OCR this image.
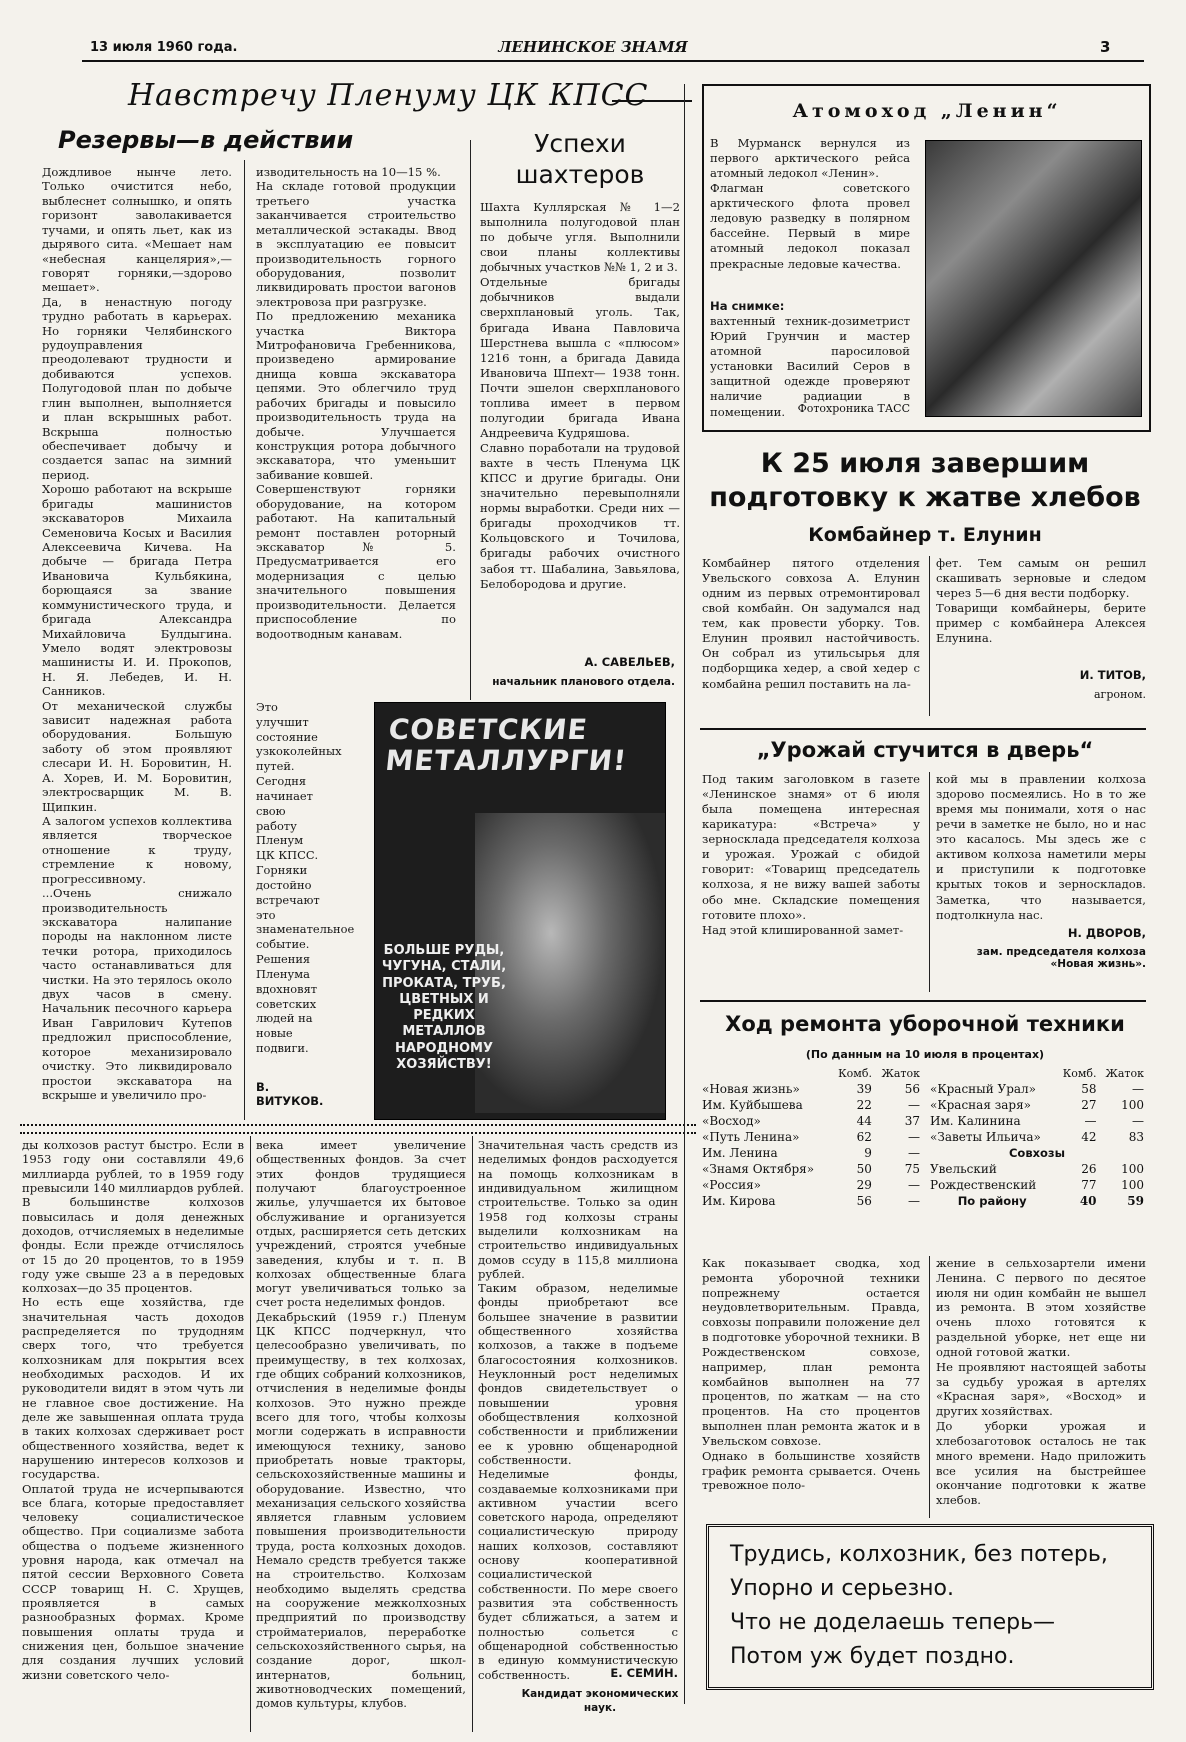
13 июля 1960 года.	ЛЕНИНСКОЕ ЗНАМЯ	3
Навстречу Пленуму ЦК КПСС
Резервы—в действии
Дождливое нынче лето. Только очистится небо, выблеснет солнышко, и опять горизонт заволакивается тучами, и опять льет, как из дырявого сита. «Мешает нам «небесная канцелярия»,—говорят горняки,—здорово мешает».
Да, в ненастную погоду трудно работать в карьерах. Но горняки Челябинского рудоуправления преодолевают трудности и добиваются успехов. Полугодовой план по добыче глин выполнен, выполняется и план вскрышных работ. Вскрыша полностью обеспечивает добычу и создается запас на зимний период.
Хорошо работают на вскрыше бригады машинистов экскаваторов Михаила Семеновича Косых и Василия Алексеевича Кичева. На добыче — бригада Петра Ивановича Кульбякина, борющаяся за звание коммунистического труда, и бригада Александра Михайловича Булдыгина. Умело водят электровозы машинисты И. И. Прокопов, Н. Я. Лебедев, И. Н. Санников.
От механической службы зависит надежная работа оборудования. Большую заботу об этом проявляют слесари И. Н. Боровитин, Н. А. Хорев, И. М. Боровитин, электросварщик М. В. Щипкин.
А залогом успехов коллектива является творческое отношение к труду, стремление к новому, прогрессивному.
...Очень снижало производительность экскаватора налипание породы на наклонном листе течки ротора, приходилось часто останавливаться для чистки. На это терялось около двух часов в смену. Начальник песочного карьера Иван Гаврилович Кутепов предложил приспособление, которое механизировало очистку. Это ликвидировало простои экскаватора на вскрыше и увеличило про-
изводительность на 10—15 %.
На складе готовой продукции третьего участка заканчивается строительство металлической эстакады. Ввод в эксплуатацию ее повысит производительность горного оборудования, позволит ликвидировать простои вагонов электровоза при разгрузке.
По предложению механика участка Виктора Митрофановича Гребенникова, произведено армирование днища ковша экскаватора цепями. Это облегчило труд рабочих бригады и повысило производительность труда на добыче. Улучшается конструкция ротора добычного экскаватора, что уменьшит забивание ковшей.
Совершенствуют горняки оборудование, на котором работают. На капитальный ремонт поставлен роторный экскаватор № 5. Предусматривается его модернизация с целью значительного повышения производительности. Делается приспособление по водоотводным канавам.
Это улучшит состояние узкоколейных путей.
Сегодня начинает свою работу Пленум ЦК КПСС. Горняки достойно встречают это знаменательное событие. Решения Пленума вдохновят советских людей на новые подвиги.
В. ВИТУКОВ.
Успехи шахтеров
Шахта Куллярская № 1—2 выполнила полугодовой план по добыче угля. Выполнили свои планы коллективы добычных участков №№ 1, 2 и 3.
Отдельные бригады добычников выдали сверхплановый уголь. Так, бригада Ивана Павловича Шерстнева вышла с «плюсом» 1216 тонн, а бригада Давида Ивановича Шпехт— 1938 тонн. Почти эшелон сверхпланового топлива имеет в первом полугодии бригада Ивана Андреевича Кудряшова.
Славно поработали на трудовой вахте в честь Пленума ЦК КПСС и другие бригады. Они значительно перевыполняли нормы выработки. Среди них — бригады проходчиков тт. Кольцовского и Точилова, бригады рабочих очистного забоя тт. Шабалина, Завьялова, Белобородова и другие.
А. САВЕЛЬЕВ,
начальник планового отдела.
СОВЕТСКИЕ МЕТАЛЛУРГИ!
БОЛЬШЕ РУДЫ, ЧУГУНА, СТАЛИ, ПРОКАТА, ТРУБ, ЦВЕТНЫХ И РЕДКИХ МЕТАЛЛОВ НАРОДНОМУ ХОЗЯЙСТВУ!
Атомоход „Ленин“
В Мурманск вернулся из первого арктического рейса атомный ледокол «Ленин».
Флагман советского арктического флота провел ледовую разведку в полярном бассейне. Первый в мире атомный ледокол показал прекрасные ледовые качества.

На снимке:
вахтенный техник-дозиметрист Юрий Грунчин и мастер атомной паросиловой установки Василий Серов в защитной одежде проверяют наличие радиации в помещении.	Фотохроника ТАСС
К 25 июля завершим
подготовку к жатве хлебов
Комбайнер т. Елунин
Комбайнер пятого отделения Увельского совхоза А. Елунин одним из первых отремонтировал свой комбайн. Он задумался над тем, как провести уборку. Тов. Елунин проявил настойчивость. Он собрал из утильсырья для подборщика хедер, а свой хедер с комбайна решил поставить на ла-
фет. Тем самым он решил скашивать зерновые и следом через 5—6 дня вести подборку.
Товарищи комбайнеры, берите пример с комбайнера Алексея Елунина.
И. ТИТОВ,
агроном.
„Урожай стучится в дверь“
Под таким заголовком в газете «Ленинское знамя» от 6 июля была помещена интересная карикатура: «Встреча» у зерносклада председателя колхоза и урожая. Урожай с обидой говорит: «Товарищ председатель колхоза, я не вижу вашей заботы обо мне. Складские помещения готовите плохо».
Над этой клишированной замет-
кой мы в правлении колхоза здорово посмеялись. Но в то же время мы понимали, хотя о нас речи в заметке не было, но и нас это касалось. Мы здесь же с активом колхоза наметили меры и приступили к подготовке крытых токов и зерноскладов. Заметка, что называется, подтолкнула нас.
Н. ДВОРОВ,
зам. председателя колхоза «Новая жизнь».
Ход ремонта уборочной техники
(По данным на 10 июля в процентах)
	Комб.	Жаток
«Новая жизнь»	39	56
Им. Куйбышева	22	—
«Восход»	44	37
«Путь Ленина»	62	—
Им. Ленина	9	—
«Знамя Октября»	50	75
«Россия»	29	—
Им. Кирова	56	—
	Комб.	Жаток
«Красный Урал»	58	—
«Красная заря»	27	100
Им. Калинина	—	—
«Заветы Ильича»	42	83
Совхозы		
Увельский	26	100
Рождественский	77	100
По району	40	59
Как показывает сводка, ход ремонта уборочной техники попрежнему остается неудовлетворительным. Правда, совхозы поправили положение дел в подготовке уборочной техники. В Рождественском совхозе, например, план ремонта комбайнов выполнен на 77 процентов, по жаткам — на сто процентов. На сто процентов выполнен план ремонта жаток и в Увельском совхозе.
Однако в большинстве хозяйств график ремонта срывается. Очень тревожное поло-
жение в сельхозартели имени Ленина. С первого по десятое июля ни один комбайн не вышел из ремонта. В этом хозяйстве очень плохо готовятся к раздельной уборке, нет еще ни одной готовой жатки.
Не проявляют настоящей заботы за судьбу урожая в артелях «Красная заря», «Восход» и других хозяйствах.
До уборки урожая и хлебозаготовок осталось не так много времени. Надо приложить все усилия на быстрейшее окончание подготовки к жатве хлебов.
Трудись, колхозник, без потерь,
Упорно и серьезно.
Что не доделаешь теперь—
Потом уж будет поздно.
ды колхозов растут быстро. Если в 1953 году они составляли 49,6 миллиарда рублей, то в 1959 году превысили 140 миллиардов рублей. В большинстве колхозов повысилась и доля денежных доходов, отчисляемых в неделимые фонды. Если прежде отчислялось от 15 до 20 процентов, то в 1959 году уже свыше 23 а в передовых колхозах—до 35 процентов.
Но есть еще хозяйства, где значительная часть доходов распределяется по трудодням сверх того, что требуется колхозникам для покрытия всех необходимых расходов. И их руководители видят в этом чуть ли не главное свое достижение. На деле же завышенная оплата труда в таких колхозах сдерживает рост общественного хозяйства, ведет к нарушению интересов колхозов и государства.
Оплатой труда не исчерпываются все блага, которые предоставляет человеку социалистическое общество. При социализме забота общества о подъеме жизненного уровня народа, как отмечал на пятой сессии Верховного Совета СССР товарищ Н. С. Хрущев, проявляется в самых разнообразных формах. Кроме повышения оплаты труда и снижения цен, большое значение для создания лучших условий жизни советского чело-
века имеет увеличение общественных фондов. За счет этих фондов трудящиеся получают благоустроенное жилье, улучшается их бытовое обслуживание и организуется отдых, расширяется сеть детских учреждений, строятся учебные заведения, клубы и т. п. В колхозах общественные блага могут увеличиваться только за счет роста неделимых фондов.
Декабрьский (1959 г.) Пленум ЦК КПСС подчеркнул, что целесообразно увеличивать, по преимуществу, в тех колхозах, где общих собраний колхозников, отчисления в неделимые фонды колхозов. Это нужно прежде всего для того, чтобы колхозы могли содержать в исправности имеющуюся технику, заново приобретать новые тракторы, сельскохозяйственные машины и оборудование. Известно, что механизация сельского хозяйства является главным условием повышения производительности труда, роста колхозных доходов. Немало средств требуется также на строительство. Колхозам необходимо выделять средства на сооружение межколхозных предприятий по производству стройматериалов, переработке сельскохозяйственного сырья, на создание дорог, школ-интернатов, больниц, животноводческих помещений, домов культуры, клубов.
Значительная часть средств из неделимых фондов расходуется на помощь колхозникам в индивидуальном жилищном строительстве. Только за один 1958 год колхозы страны выделили колхозникам на строительство индивидуальных домов ссуду в 115,8 миллиона рублей.
Таким образом, неделимые фонды приобретают все большее значение в развитии общественного хозяйства колхозов, а также в подъеме благосостояния колхозников. Неуклонный рост неделимых фондов свидетельствует о повышении уровня обобществления колхозной собственности и приближении ее к уровню общенародной собственности.
Неделимые фонды, создаваемые колхозниками при активном участии всего советского народа, определяют социалистическую природу наших колхозов, составляют основу кооперативной социалистической собственности. По мере своего развития эта собственность будет сближаться, а затем и полностью сольется с общенародной собственностью в единую коммунистическую собственность.	Е. СЕМИН.
Кандидат экономических наук.
